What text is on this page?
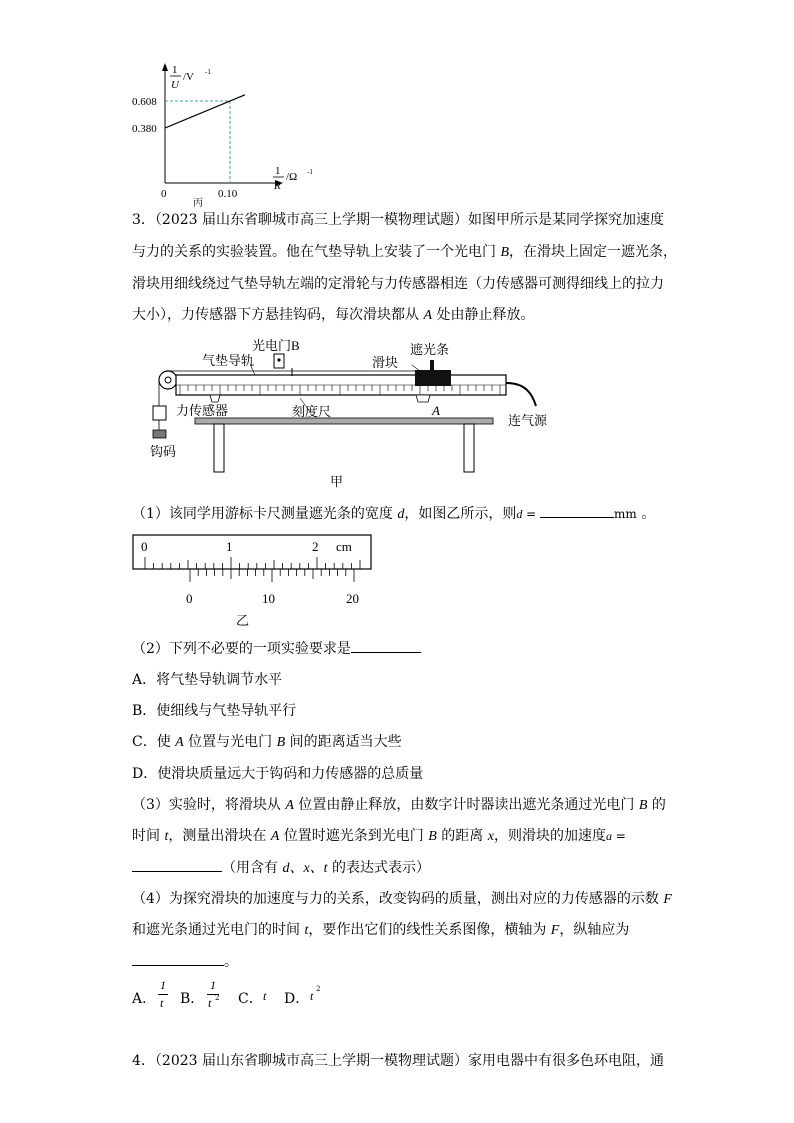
1
U
/V -1
0.608
0.380
0.10
0
丙
1
R
/Ω -1
3．（2023 届山东省聊城市高三上学期一模物理试题）如图甲所示是某同学探究加速度
与力的关系的实验装置。他在气垫导轨上安装了一个光电门 B，在滑块上固定一遮光条，
滑块用细线绕过气垫导轨左端的定滑轮与力传感器相连（力传感器可测得细线上的拉力
大小），力传感器下方悬挂钩码，每次滑块都从 A 处由静止释放。
光电门B
气垫导轨	滑块
遮光条
力传感器	刻度尺	A
连气源
钩码
甲
（1）该同学用游标卡尺测量遮光条的宽度 d，如图乙所示，则d =	mm 。
0	1	2 cm
0	10	20
乙
（2）下列不必要的一项实验要求是
A．将气垫导轨调节水平
B．使细线与气垫导轨平行
C．使 A 位置与光电门 B 间的距离适当大些
D．使滑块质量远大于钩码和力传感器的总质量
（3）实验时，将滑块从 A 位置由静止释放，由数字计时器读出遮光条通过光电门 B 的
时间 t，测量出滑块在 A 位置时遮光条到光电门 B 的距离 x，则滑块的加速度a =
（用含有 d、x、t 的表达式表示）
（4）为探究滑块的加速度与力的关系，改变钩码的质量，测出对应的力传感器的示数 F
和遮光条通过光电门的时间 t，要作出它们的线性关系图像，横轴为 F，纵轴应为
。
A．
1
t B．
1
t 2 C． t D． t 2
4．（2023 届山东省聊城市高三上学期一模物理试题）家用电器中有很多色环电阻，通
